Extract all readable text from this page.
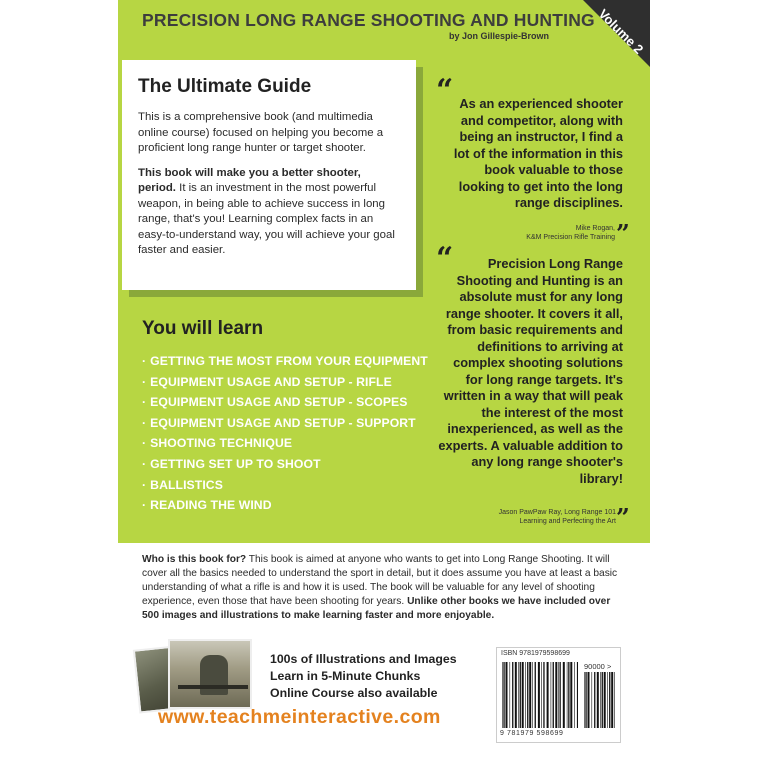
PRECISION LONG RANGE SHOOTING AND HUNTING
by Jon Gillespie-Brown	Volume 2
The Ultimate Guide

This is a comprehensive book (and multimedia online course) focused on helping you become a proficient long range hunter or target shooter.

This book will make you a better shooter, period. It is an investment in the most powerful weapon, in being able to achieve success in long range, that's you! Learning complex facts in an easy-to-understand way, you will achieve your goal faster and easier.

You will learn
· GETTING THE MOST FROM YOUR EQUIPMENT
· EQUIPMENT USAGE AND SETUP - RIFLE
· EQUIPMENT USAGE AND SETUP - SCOPES
· EQUIPMENT USAGE AND SETUP - SUPPORT
· SHOOTING TECHNIQUE
· GETTING SET UP TO SHOOT
· BALLISTICS
· READING THE WIND
“ As an experienced shooter and competitor, along with being an instructor, I find a lot of the information in this book valuable to those looking to get into the long range disciplines.
Mike Rogan,
K&M Precision Rifle Training ”
“	Precision Long Range Shooting and Hunting is an absolute must for any long range shooter. It covers it all, from basic requirements and definitions to arriving at complex shooting solutions for long range targets. It's written in a way that will peak the interest of the most inexperienced, as well as the experts. A valuable addition to any long range shooter's library!
Jason PawPaw Ray, Long Range 101
Learning and Perfecting the Art ”

Who is this book for? This book is aimed at anyone who wants to get into Long Range Shooting. It will cover all the basics needed to understand the sport in detail, but it does assume you have at least a basic understanding of what a rifle is and how it is used. The book will be valuable for any level of shooting experience, even those that have been shooting for years. Unlike other books we have included over 500 images and illustrations to make learning faster and more enjoyable.

100s of Illustrations and Images
Learn in 5-Minute Chunks
Online Course also available
www.teachmeinteractive.com
ISBN 9781979598699
90000 >
9 781979 598699
